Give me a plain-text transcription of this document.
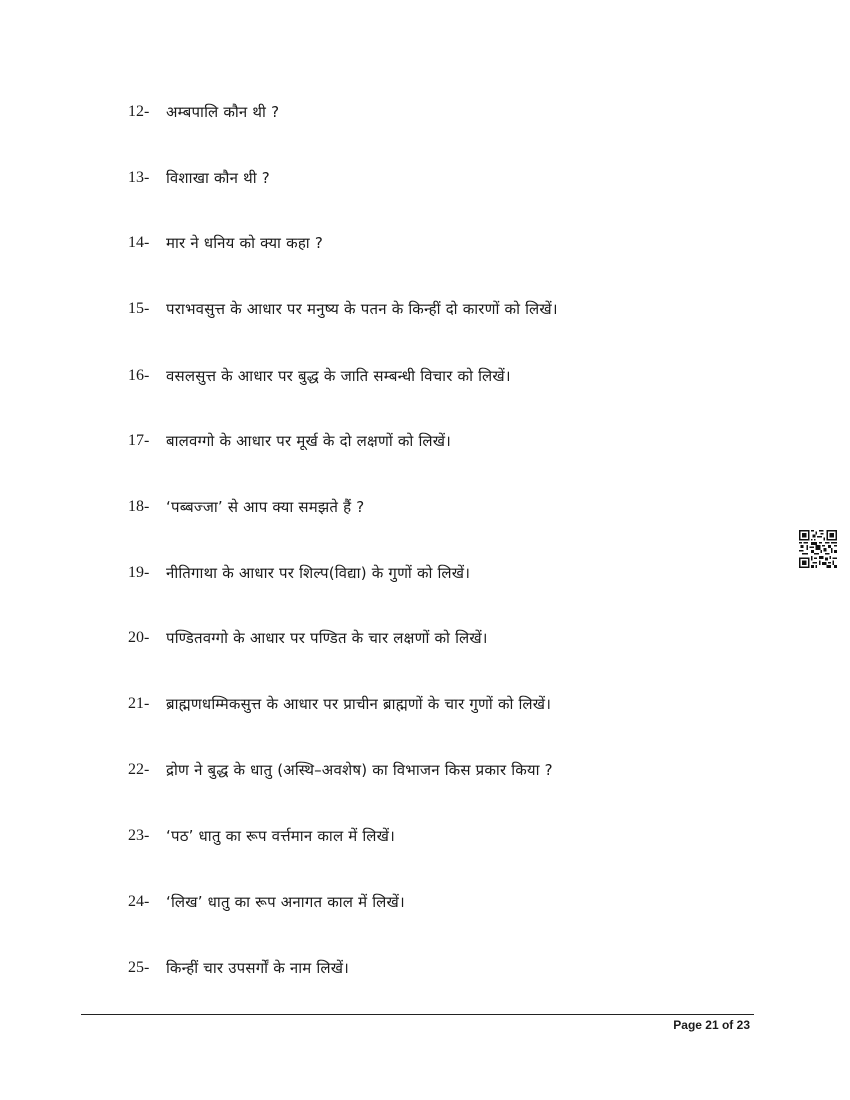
12-	अम्बपालि कौन थी ?
13-	विशाखा कौन थी ?
14-	मार ने धनिय को क्या कहा ?
15-	पराभवसुत्त के आधार पर मनुष्य के पतन के किन्हीं दो कारणों को लिखें।
16-	वसलसुत्त के आधार पर बुद्ध के जाति सम्बन्धी विचार को लिखें।
17-	बालवग्गो के आधार पर मूर्ख के दो लक्षणों को लिखें।
18-	‘पब्बज्जा’ से आप क्या समझते हैं ?
19-	नीतिगाथा के आधार पर शिल्प(विद्या) के गुणों को लिखें।
20-	पण्डितवग्गो के आधार पर पण्डित के चार लक्षणों को लिखें।
21-	ब्राह्मणधम्मिकसुत्त के आधार पर प्राचीन ब्राह्मणों के चार गुणों को लिखें।
22-	द्रोण ने बुद्ध के धातु (अस्थि–अवशेष) का विभाजन किस प्रकार किया ?
23-	‘पठ’ धातु का रूप वर्त्तमान काल में लिखें।
24-	‘लिख’ धातु का रूप अनागत काल में लिखें।
25-	किन्हीं चार उपसर्गों के नाम लिखें।
Page 21 of 23
